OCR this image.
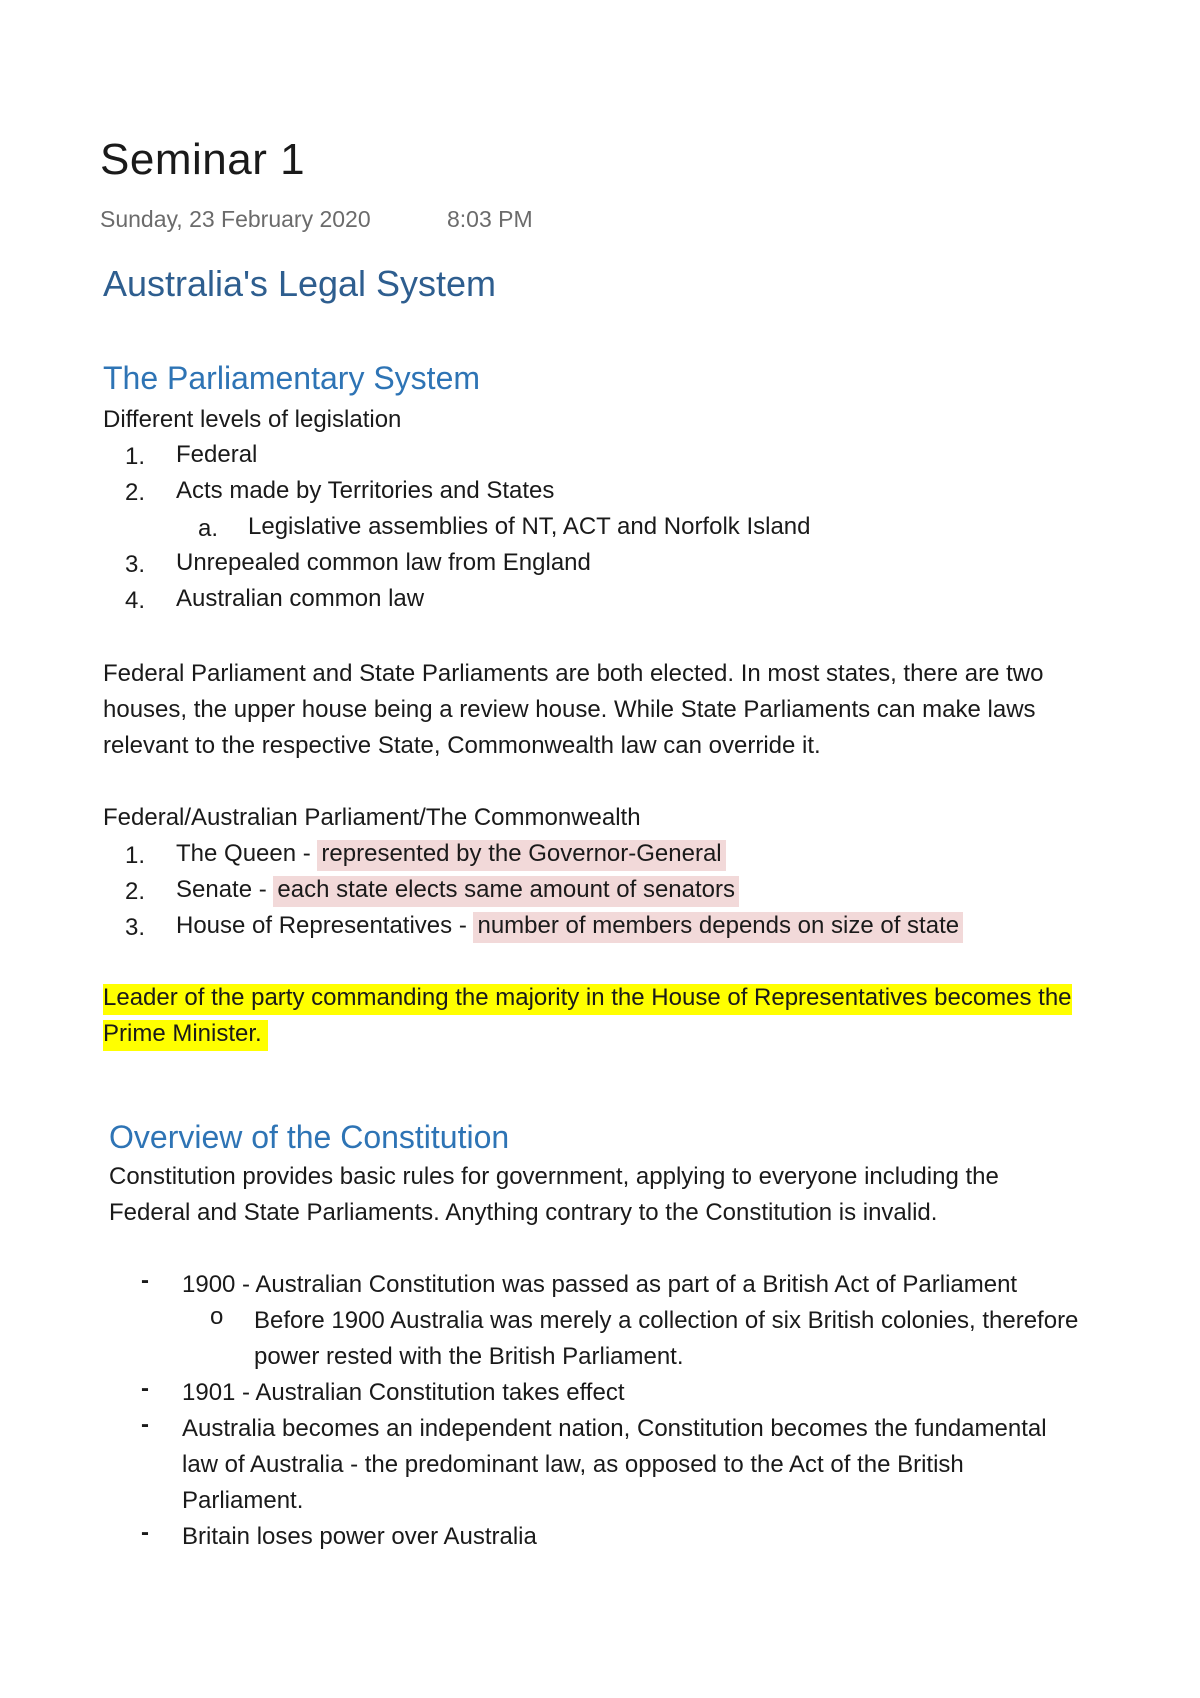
Seminar 1
Sunday, 23 February 2020	8:03 PM
Australia's Legal System
The Parliamentary System
Different levels of legislation
1. Federal
2. Acts made by Territories and States
a. Legislative assemblies of NT, ACT and Norfolk Island
3. Unrepealed common law from England
4. Australian common law
Federal Parliament and State Parliaments are both elected. In most states, there are two
houses, the upper house being a review house. While State Parliaments can make laws
relevant to the respective State, Commonwealth law can override it.
Federal/Australian Parliament/The Commonwealth
1. The Queen - represented by the Governor-General
2. Senate - each state elects same amount of senators
3. House of Representatives - number of members depends on size of state
Leader of the party commanding the majority in the House of Representatives becomes the
Prime Minister.
Overview of the Constitution
Constitution provides basic rules for government, applying to everyone including the
Federal and State Parliaments. Anything contrary to the Constitution is invalid.
- 1900 - Australian Constitution was passed as part of a British Act of Parliament
o Before 1900 Australia was merely a collection of six British colonies, therefore
power rested with the British Parliament.
- 1901 - Australian Constitution takes effect
- Australia becomes an independent nation, Constitution becomes the fundamental
law of Australia - the predominant law, as opposed to the Act of the British
Parliament.
- Britain loses power over Australia
